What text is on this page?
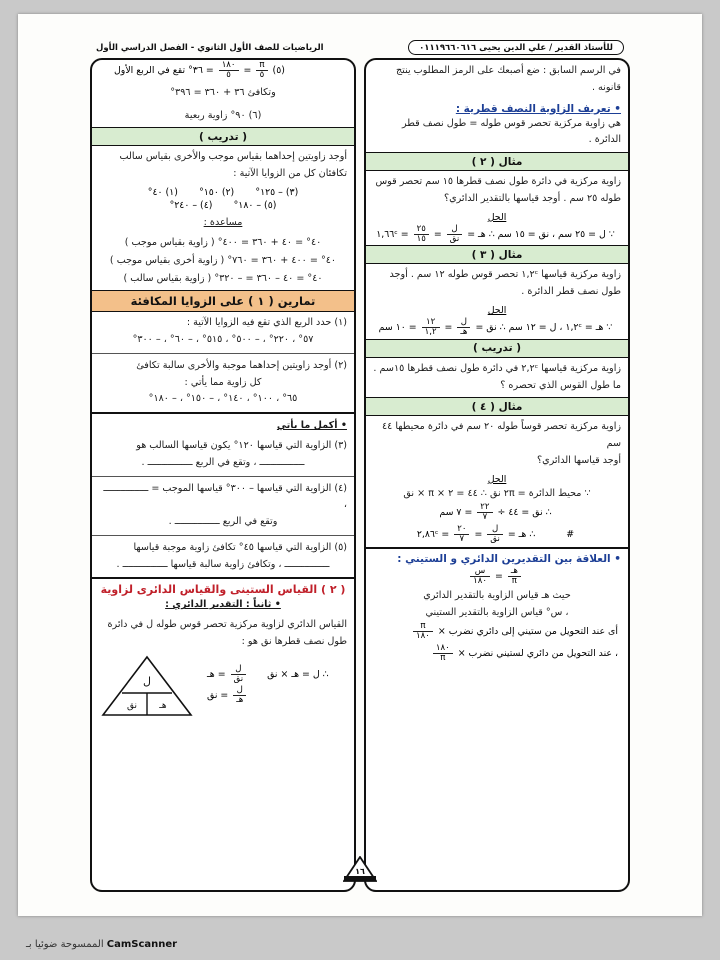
الرياضيات للصف الأول الثانوي - الفصل الدراسي الأول	للأستاذ القدير / علي الدين يحيى ٠١١١٩٦٦٠٦١٦
(٥)
$\frac{\pi}{٥}$
=
$\frac{١٨٠}{٥}$
= ٣٦° تقع في الربع الأول
وتكافئ ٣٦ + ٣٦٠ = ٣٩٦°
(٦) ٩٠° زاوية ربعية
( تدريب )
أوجد زاويتين إحداهما بقياس موجب والأخرى بقياس سالب تكافئان كل من الزوايا الآتية :
(٣) – ١٢٥° (٢) ١٥٠° (١) ٤٠°
(٥) – ١٨٠° (٤) – ٢٤٠°
مساعدة :
٤٠° = ٤٠ + ٣٦٠ = ٤٠٠° ( زاوية بقياس موجب )
٤٠° = ٤٠٠ + ٣٦٠ = ٧٦٠° ( زاوية أخرى بقياس موجب )
٤٠° = ٤٠ – ٣٦٠ = – ٣٢٠° ( زاوية بقياس سالب )
تمارين ( ١ ) على الزوايا المكافئة
(١) حدد الربع الذي تقع فيه الزوايا الآتية :
٥٧° ، ٢٢٠° ، – ٥٠٠° ، ٥١٥° ، – ٦٠° ، – ٣٠٠°
(٢) أوجد زاويتين إحداهما موجبة والأخرى سالبة تكافئ
كل زاوية مما يأتي :
٦٥° ، ١٠٠° ، ١٤٠° ، – ١٥٠° ، – ١٨٠°
• أكمل ما يأتي
(٣) الزاوية التي قياسها ١٢٠° يكون قياسها السالب هو
ــــــــــــــــ ، وتقع في الربع ــــــــــــــــ .
(٤) الزاوية التي قياسها – ٣٠٠° قياسها الموجب = ــــــــــــــــ ،
وتقع في الربع ــــــــــــــــ .
(٥) الزاوية التي قياسها ٤٥° تكافئ زاوية موجبة قياسها
ــــــــــــــــ ، وتكافئ زاوية سالبة قياسها ــــــــــــــــ .
( ٢ ) القياس الستينى والقياس الدائرى لزاوية
• ثانياً : التقدير الدائري :
القياس الدائري لزاوية مركزية تحصر قوس طوله ل في دائرة
طول نصف قطرها نق هو :
ل
نق هـ
∴ ل = هـ × نق
$\frac{\text{ل}}{\text{نق}}$
= هـ
$\frac{\text{ل}}{\text{هـ}}$
= نق
في الرسم السابق : ضع أصبعك على الرمز المطلوب ينتج قانونه .
• تعريف الزاوية النصف قطرية :
هي زاوية مركزية تحصر قوس طوله = طول نصف قطر الدائرة .
مثال ( ٢ )
زاوية مركزية في دائرة طول نصف قطرها ١٥ سم تحصر قوس
طوله ٢٥ سم . أوجد قياسها بالتقدير الدائري؟
الحل
∵ ل = ٢٥ سم ، نق = ١٥ سم ∴ هـ =
$\frac{\text{ل}}{\text{نق}}$
=
$\frac{٢٥}{١٥}$
= ١,٦٦ᶜ
مثال ( ٣ )
زاوية مركزية قياسها ١,٢ᶜ تحصر قوس طوله ١٢ سم . أوجد
طول نصف قطر الدائرة .
الحل
∵ هـ = ١,٢ᶜ ، ل = ١٢ سم ∴ نق =
$\frac{\text{ل}}{\text{هـ}}$
=
$\frac{١٢}{١,٢}$
= ١٠ سم
( تدريب )
زاوية مركزية قياسها ٢,٢ᶜ في دائرة طول نصف قطرها ١٥سم .
ما طول القوس الذي تحصره ؟
مثال ( ٤ )
زاوية مركزية تحصر قوساً طوله ٢٠ سم في دائرة محيطها ٤٤ سم
أوجد قياسها الدائري؟
الحل
∵ محيط الدائرة = ٢π نق ∴ ٤٤ = ٢ × π × نق
∴ نق = ٤٤ ÷
$\frac{٢٢}{٧}$
= ٧ سم
# ∴ هـ =
$\frac{\text{ل}}{\text{نق}}$
=
$\frac{٢٠}{٧}$
= ٢,٨٦ᶜ
• العلاقة بين التقديرين الدائري و الستيني :
$\frac{\text{هـ}}{\pi}$
=
$\frac{\text{س}}{١٨٠}$
حيث هـ قياس الزاوية بالتقدير الدائري
، س° قياس الزاوية بالتقدير الستيني
أى عند التحويل من ستيني إلى دائري نضرب ×
$\frac{\pi}{١٨٠}$
، عند التحويل من دائري لستيني نضرب ×
$\frac{١٨٠}{\pi}$
١٦
CamScanner الممسوحة ضوئيا بـ
